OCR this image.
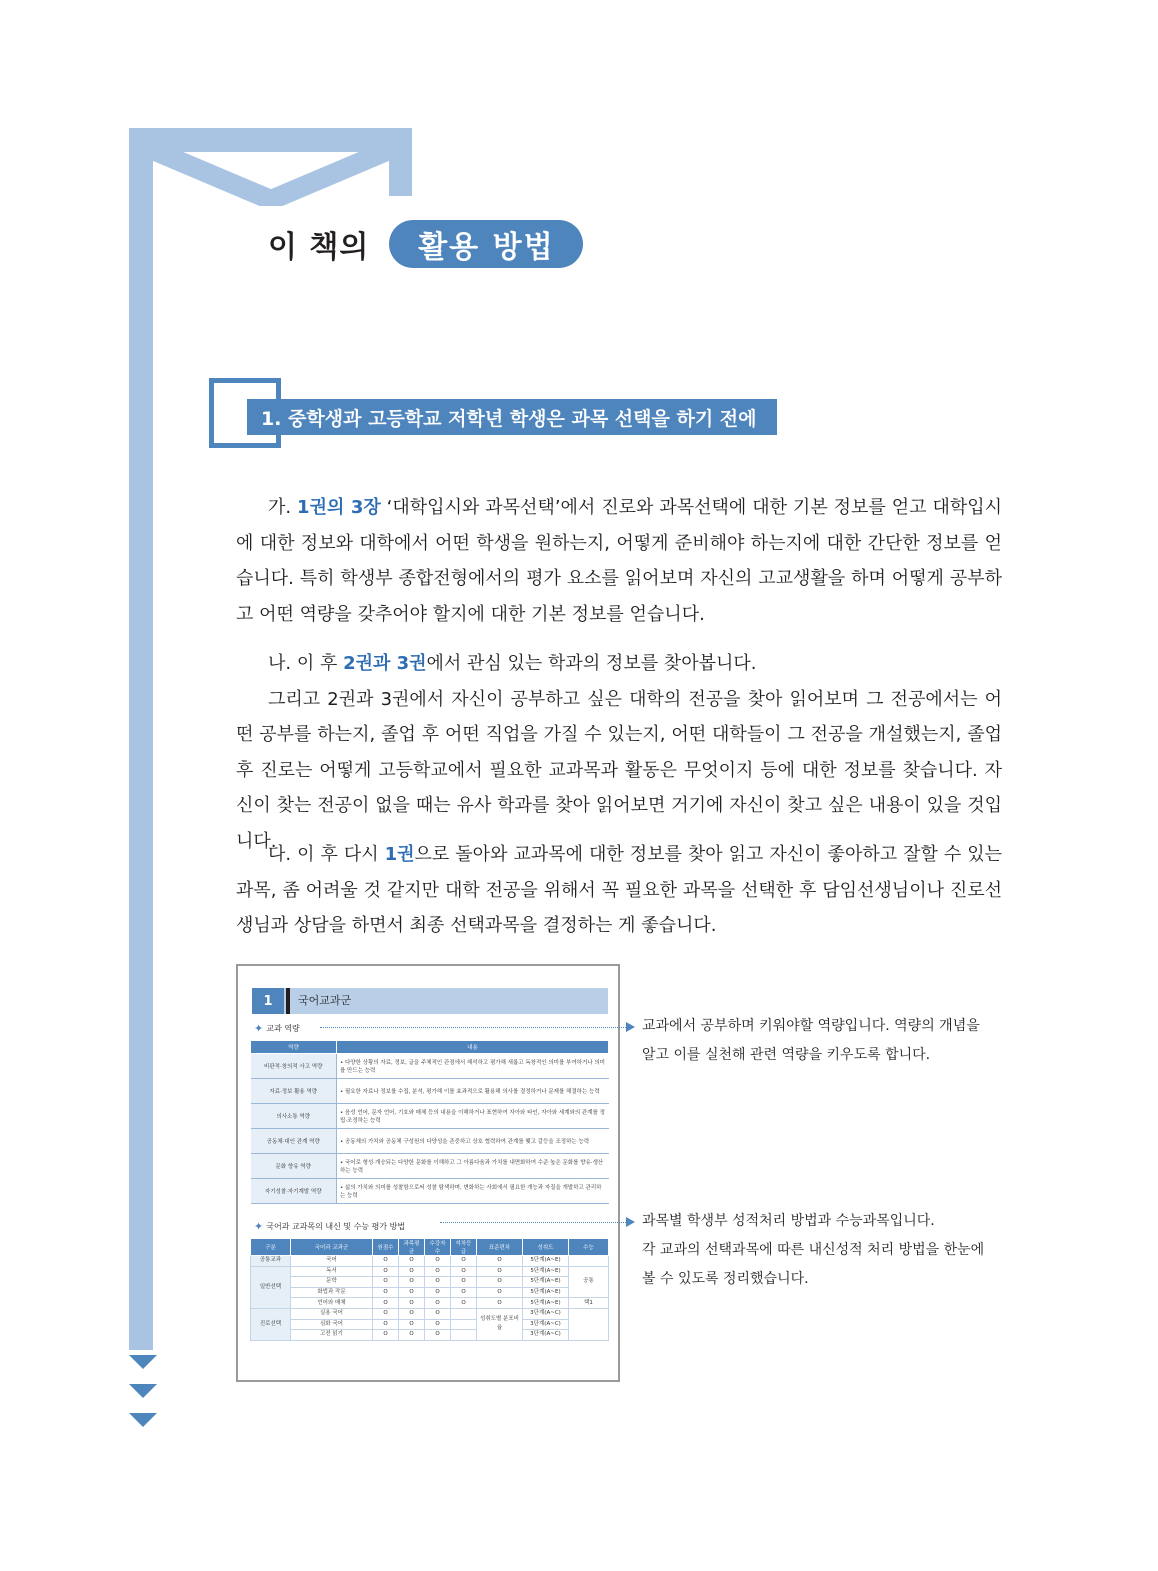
이 책의	활용 방법
1. 중학생과 고등학교 저학년 학생은 과목 선택을 하기 전에

가. 1권의 3장 ‘대학입시와 과목선택’에서 진로와 과목선택에 대한 기본 정보를 얻고 대학입시에 대한 정보와 대학에서 어떤 학생을 원하는지, 어떻게 준비해야 하는지에 대한 간단한 정보를 얻습니다. 특히 학생부 종합전형에서의 평가 요소를 읽어보며 자신의 고교생활을 하며 어떻게 공부하고 어떤 역량을 갖추어야 할지에 대한 기본 정보를 얻습니다.

나. 이 후 2권과 3권에서 관심 있는 학과의 정보를 찾아봅니다.

그리고 2권과 3권에서 자신이 공부하고 싶은 대학의 전공을 찾아 읽어보며 그 전공에서는 어떤 공부를 하는지, 졸업 후 어떤 직업을 가질 수 있는지, 어떤 대학들이 그 전공을 개설했는지, 졸업 후 진로는 어떻게 고등학교에서 필요한 교과목과 활동은 무엇이지 등에 대한 정보를 찾습니다. 자신이 찾는 전공이 없을 때는 유사 학과를 찾아 읽어보면 거기에 자신이 찾고 싶은 내용이 있을 것입니다.

다. 이 후 다시 1권으로 돌아와 교과목에 대한 정보를 찾아 읽고 자신이 좋아하고 잘할 수 있는 과목, 좀 어려울 것 같지만 대학 전공을 위해서 꼭 필요한 과목을 선택한 후 담임선생님이나 진로선생님과 상담을 하면서 최종 선택과목을 결정하는 게 좋습니다.

1	국어교과군
✦ 교과 역량
역량	내용
비판적·창의적 사고 역량	• 다양한 상황의 자료, 정보, 글을 주체적인 관점에서 해석하고 평가해 새롭고 독창적인 의미를 부여하거나 의미를 만드는 능력
자료·정보 활용 역량	• 필요한 자료나 정보를 수집, 분석, 평가해 이를 효과적으로 활용해 의사를 결정하거나 문제를 해결하는 능력
의사소통 역량	• 음성 언어, 문자 언어, 기호와 매체 등의 내용을 이해하거나 표현하여 자아와 타인, 자아와 세계와의 관계를 정립·조정하는 능력
공동체·대인 관계 역량	• 공동체의 가치와 공동체 구성원의 다양성을 존중하고 상호 협력하여 관계를 맺고 갈등을 조정하는 능력
문화 향유 역량	• 국어로 형성·개승되는 다양한 문화를 이해하고 그 아름다움과 가치를 내면화하여 수준 높은 문화를 향유·생산하는 능력
자기성찰·자기계발 역량	• 삶의 가치와 의미를 성찰함으로써 성찰 탐색하며, 변화하는 사회에서 필요한 개능과 자질을 개발하고 관리하는 능력
✦ 국어과 교과목의 내신 및 수능 평가 방법
구분	국어과 교과군	원점수	과목평균	수강자수	석차등급	표준편차	성취도	수능
공통교과	국어	O	O	O	O	O	5단계(A~E)	
일반선택	독서	O	O	O	O	O	5단계(A~E)	공통
	문학	O	O	O	O	O	5단계(A~E)	
	화법과 작문	O	O	O	O	O	5단계(A~E)	
	언어와 매체	O	O	O	O	O	5단계(A~E)	택1
진로선택	실용 국어	O	O	O		성취도별 분포비율	3단계(A~C)	
	심화 국어	O	O	O			3단계(A~C)	
	고전 읽기	O	O	O			3단계(A~C)	
교과에서 공부하며 키워야할 역량입니다. 역량의 개념을
알고 이를 실천해 관련 역량을 키우도록 합니다.
과목별 학생부 성적처리 방법과 수능과목입니다.
각 교과의 선택과목에 따른 내신성적 처리 방법을 한눈에
볼 수 있도록 정리했습니다.
